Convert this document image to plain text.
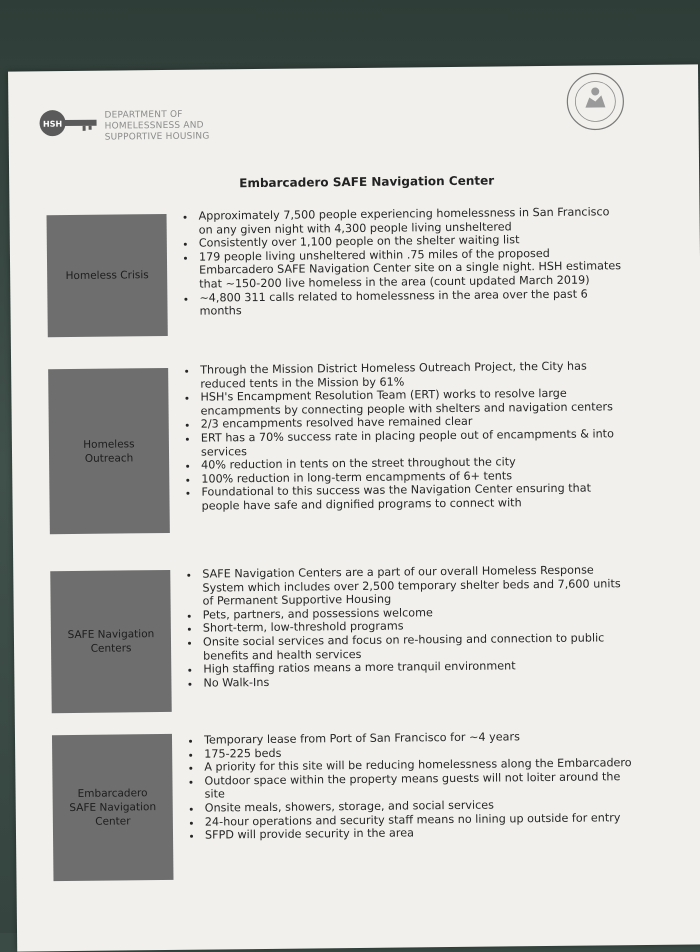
HSH
DEPARTMENT OF
HOMELESSNESS AND
SUPPORTIVE HOUSING
Embarcadero SAFE Navigation Center
Homeless Crisis
• Approximately 7,500 people experiencing homelessness in San Francisco on any given night with 4,300 people living unsheltered
• Consistently over 1,100 people on the shelter waiting list
• 179 people living unsheltered within .75 miles of the proposed Embarcadero SAFE Navigation Center site on a single night. HSH estimates that ~150-200 live homeless in the area (count updated March 2019)
• ~4,800 311 calls related to homelessness in the area over the past 6 months
Homeless
Outreach
• Through the Mission District Homeless Outreach Project, the City has reduced tents in the Mission by 61%
• HSH's Encampment Resolution Team (ERT) works to resolve large encampments by connecting people with shelters and navigation centers
• 2/3 encampments resolved have remained clear
• ERT has a 70% success rate in placing people out of encampments & into services
• 40% reduction in tents on the street throughout the city
• 100% reduction in long-term encampments of 6+ tents
• Foundational to this success was the Navigation Center ensuring that people have safe and dignified programs to connect with
SAFE Navigation
Centers
• SAFE Navigation Centers are a part of our overall Homeless Response System which includes over 2,500 temporary shelter beds and 7,600 units of Permanent Supportive Housing
• Pets, partners, and possessions welcome
• Short-term, low-threshold programs
• Onsite social services and focus on re-housing and connection to public benefits and health services
• High staffing ratios means a more tranquil environment
• No Walk-Ins
Embarcadero
SAFE Navigation
Center
• Temporary lease from Port of San Francisco for ~4 years
• 175-225 beds
• A priority for this site will be reducing homelessness along the Embarcadero
• Outdoor space within the property means guests will not loiter around the site
• Onsite meals, showers, storage, and social services
• 24-hour operations and security staff means no lining up outside for entry
• SFPD will provide security in the area
